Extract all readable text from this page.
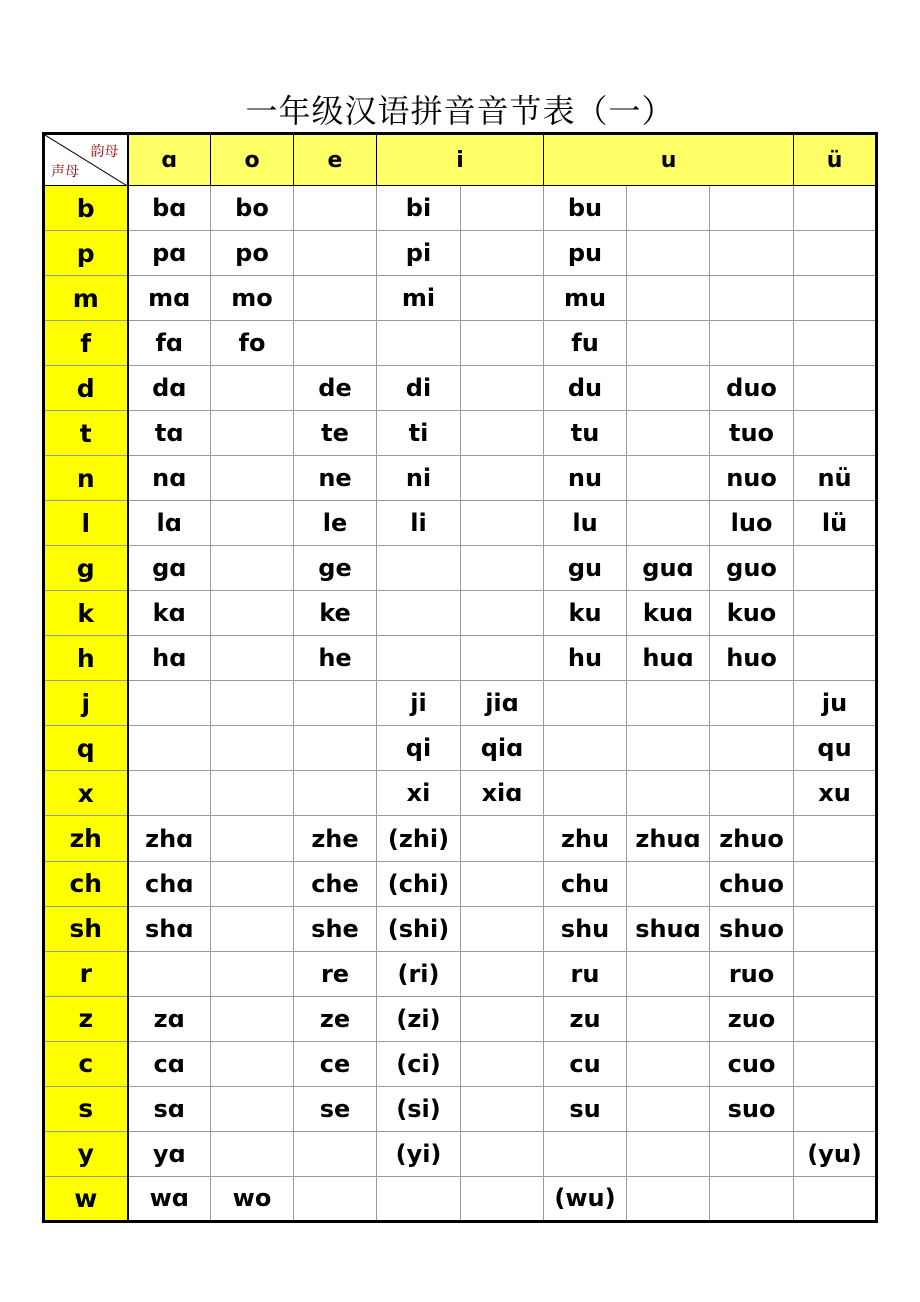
一年级汉语拼音音节表（一）
韵母
声母	ɑ	o	e	i		u			ü
b	bɑ	bo		bi		bu			
p	pɑ	po		pi		pu			
m	mɑ	mo		mi		mu			
f	fɑ	fo				fu			
d	dɑ		de	di		du		duo	
t	tɑ		te	ti		tu		tuo	
n	nɑ		ne	ni		nu		nuo	nü
l	lɑ		le	li		lu		luo	lü
g	gɑ		ge			gu	guɑ	guo	
k	kɑ		ke			ku	kuɑ	kuo	
h	hɑ		he			hu	huɑ	huo	
j				ji	jiɑ				ju
q				qi	qiɑ				qu
x				xi	xiɑ				xu
zh	zhɑ		zhe	(zhi)		zhu	zhuɑ	zhuo	
ch	chɑ		che	(chi)		chu		chuo	
sh	shɑ		she	(shi)		shu	shuɑ	shuo	
r			re	(ri)		ru		ruo	
z	zɑ		ze	(zi)		zu		zuo	
c	cɑ		ce	(ci)		cu		cuo	
s	sɑ		se	(si)		su		suo	
y	yɑ			(yi)					(yu)
w	wɑ	wo				(wu)			
